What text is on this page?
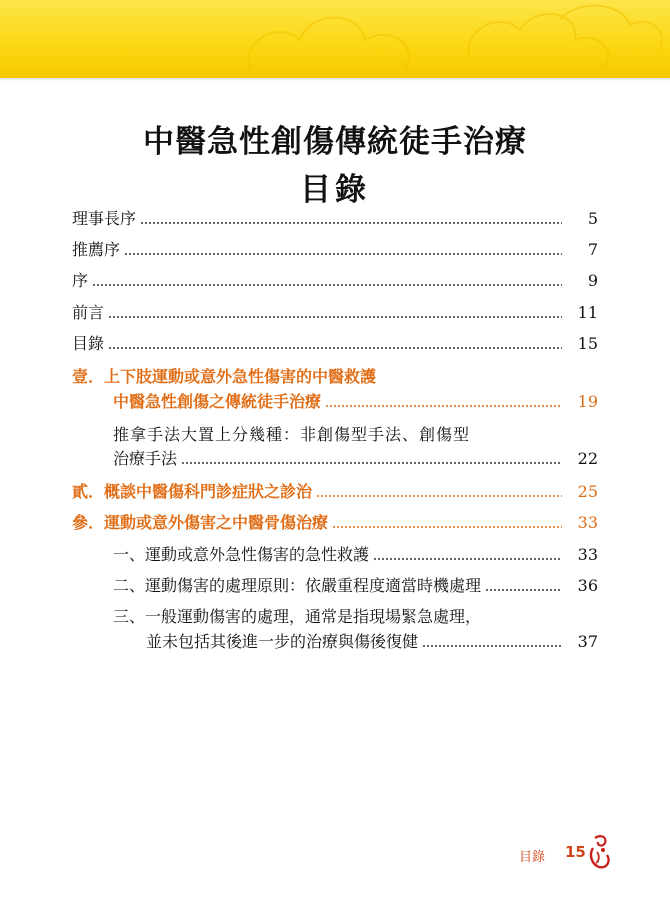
中醫急性創傷傳統徒手治療
目錄
理事長序	5
推薦序	7
序	9
前言	11
目錄	15
壹．上下肢運動或意外急性傷害的中醫救護
中醫急性創傷之傳統徒手治療	19
推拿手法大置上分幾種：非創傷型手法、創傷型
治療手法	22
貳．概談中醫傷科門診症狀之診治	25
參．運動或意外傷害之中醫骨傷治療	33
一、運動或意外急性傷害的急性救護	33
二、運動傷害的處理原則：依嚴重程度適當時機處理	36
三、一般運動傷害的處理，通常是指現場緊急處理，
並未包括其後進一步的治療與傷後復健	37
目錄 15
